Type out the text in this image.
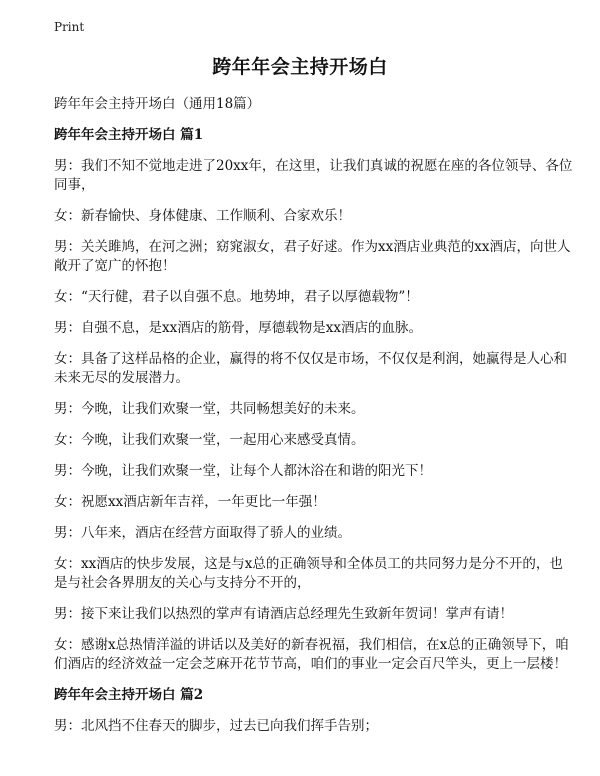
Print
跨年年会主持开场白
跨年年会主持开场白（通用18篇）
跨年年会主持开场白 篇1
男：我们不知不觉地走进了20xx年，在这里，让我们真诚的祝愿在座的各位领导、各位同事，
女：新春愉快、身体健康、工作顺利、合家欢乐！
男：关关雎鸠，在河之洲；窈窕淑女，君子好逑。作为xx酒店业典范的xx酒店，向世人敞开了宽广的怀抱！
女：“天行健，君子以自强不息。地势坤，君子以厚德载物”！
男：自强不息，是xx酒店的筋骨，厚德载物是xx酒店的血脉。
女：具备了这样品格的企业，赢得的将不仅仅是市场，不仅仅是利润，她赢得是人心和未来无尽的发展潜力。
男：今晚，让我们欢聚一堂，共同畅想美好的未来。
女：今晚，让我们欢聚一堂，一起用心来感受真情。
男：今晚，让我们欢聚一堂，让每个人都沐浴在和谐的阳光下！
女：祝愿xx酒店新年吉祥，一年更比一年强！
男：八年来，酒店在经营方面取得了骄人的业绩。
女：xx酒店的快步发展，这是与x总的正确领导和全体员工的共同努力是分不开的，也是与社会各界朋友的关心与支持分不开的，
男：接下来让我们以热烈的掌声有请酒店总经理先生致新年贺词！掌声有请！
女：感谢x总热情洋溢的讲话以及美好的新春祝福，我们相信，在x总的正确领导下，咱们酒店的经济效益一定会芝麻开花节节高，咱们的事业一定会百尺竿头，更上一层楼！
跨年年会主持开场白 篇2
男：北风挡不住春天的脚步，过去已向我们挥手告别；
